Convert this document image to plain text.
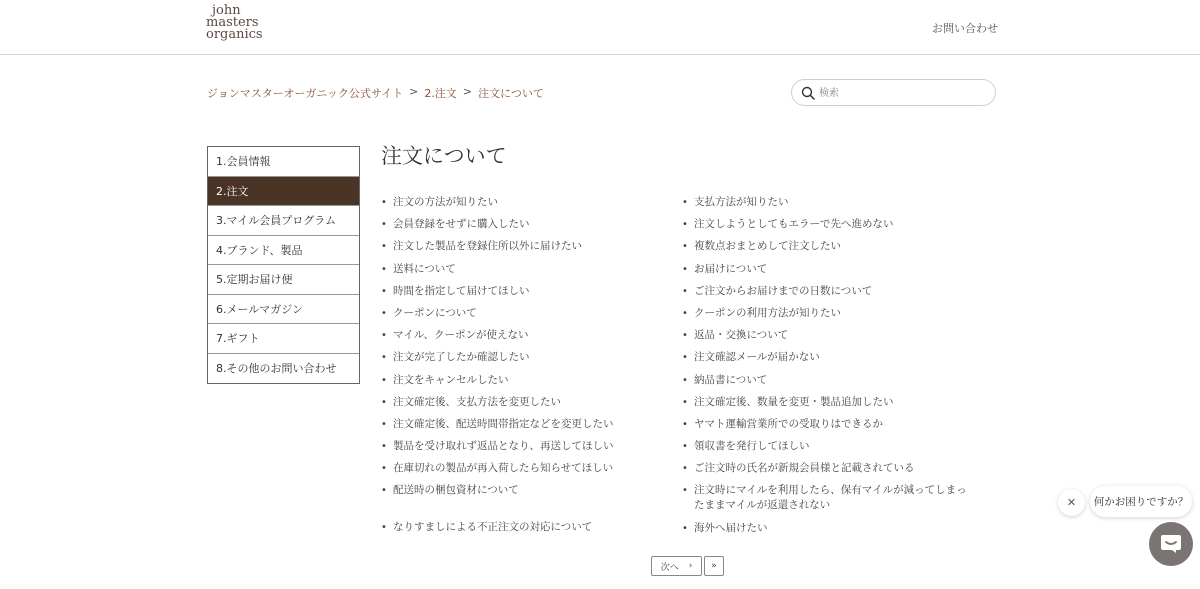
john
masters
organics	お問い合わせ
ジョンマスターオーガニック公式サイト > 2.注文 > 注文について
検索
1.会員情報
2.注文
3.マイル会員プログラム
4.ブランド、製品
5.定期お届け便
6.メールマガジン
7.ギフト
8.その他のお問い合わせ
注文について
• 注文の方法が知りたい
• 会員登録をせずに購入したい
• 注文した製品を登録住所以外に届けたい
• 送料について
• 時間を指定して届けてほしい
• クーポンについて
• マイル、クーポンが使えない
• 注文が完了したか確認したい
• 注文をキャンセルしたい
• 注文確定後、支払方法を変更したい
• 注文確定後、配送時間帯指定などを変更したい
• 製品を受け取れず返品となり、再送してほしい
• 在庫切れの製品が再入荷したら知らせてほしい
• 配送時の梱包資材について
• なりすましによる不正注文の対応について
• 支払方法が知りたい
• 注文しようとしてもエラーで先へ進めない
• 複数点おまとめして注文したい
• お届けについて
• ご注文からお届けまでの日数について
• クーポンの利用方法が知りたい
• 返品・交換について
• 注文確認メールが届かない
• 納品書について
• 注文確定後、数量を変更・製品追加したい
• ヤマト運輸営業所での受取りはできるか
• 領収書を発行してほしい
• ご注文時の氏名が新規会員様と記載されている
• 注文時にマイルを利用したら、保有マイルが減ってしまったままマイルが返還されない
• 海外へ届けたい
次へ › »
✕ 何かお困りですか？
